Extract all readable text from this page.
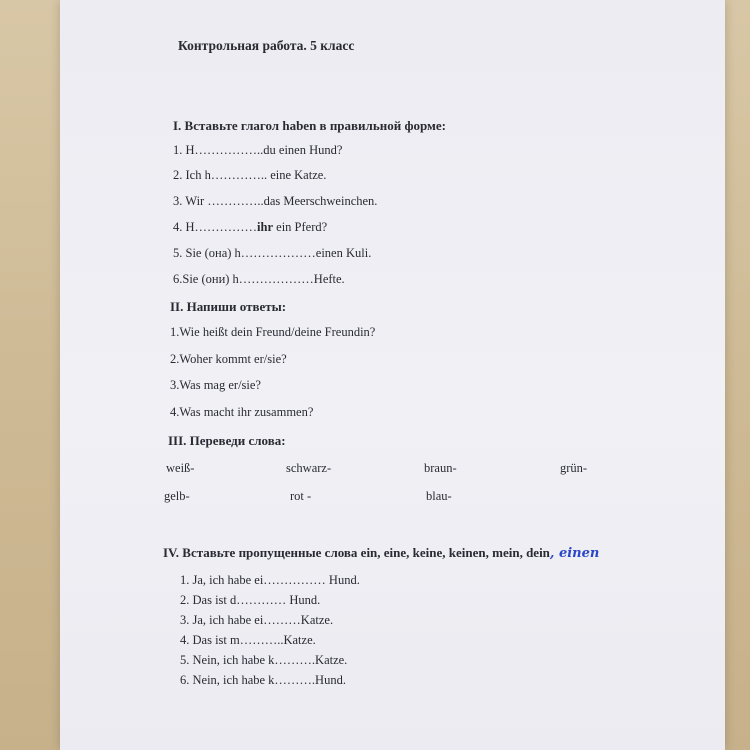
Контрольная работа. 5 класс
I. Вставьте глагол haben в правильной форме:
1. H……………..du einen Hund?
2. Ich h………….. eine Katze.
3. Wir …………..das Meerschweinchen.
4. H……………ihr ein Pferd?
5. Sie (она) h………………einen Kuli.
6.Sie (они) h………………Hefte.
II. Напиши ответы:
1.Wie heißt dein Freund/deine Freundin?
2.Woher kommt er/sie?
3.Was mag er/sie?
4.Was macht ihr zusammen?
III. Переведи слова:
weiß-	schwarz-	braun-	grün-
gelb-	rot -	blau-
IV. Вставьте пропущенные слова ein, eine, keine, keinen, mein, dein, einen
1. Ja, ich habe ei…………… Hund.
2. Das ist d………… Hund.
3. Ja, ich habe ei………Katze.
4. Das ist m………..Katze.
5. Nein, ich habe k……….Katze.
6. Nein, ich habe k……….Hund.
